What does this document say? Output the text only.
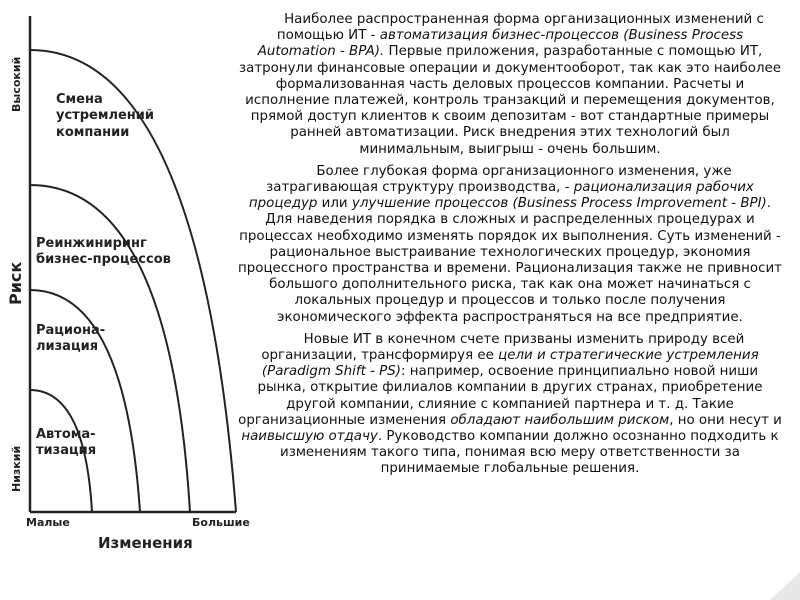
Высокий
Риск
Низкий
Малые	Большие
Изменения
Смена
устремлений
компании
Реинжиниринг
бизнес-процессов
Рациона-
лизация
Автома-
тизация

Наиболее распространенная форма организационных изменений с помощью ИТ - автоматизация бизнес-процессов (Business Process Automation - BPA). Первые приложения, разработанные с помощью ИТ, затронули финансовые операции и документооборот, так как это наиболее формализованная часть деловых процессов компании. Расчеты и исполнение платежей, контроль транзакций и перемещения документов, прямой доступ клиентов к своим депозитам - вот стандартные примеры ранней автоматизации. Риск внедрения этих технологий был минимальным, выигрыш - очень большим.

Более глубокая форма организационного изменения, уже затрагивающая структуру производства, - рационализация рабочих процедур или улучшение процессов (Business Process Improvement - BPI). Для наведения порядка в сложных и распределенных процедурах и процессах необходимо изменять порядок их выполнения. Суть изменений - рациональное выстраивание технологических процедур, экономия процессного пространства и времени. Рационализация также не привносит большого дополнительного риска, так как она может начинаться с локальных процедур и процессов и только после получения экономического эффекта распространяться на все предприятие.

Новые ИТ в конечном счете призваны изменить природу всей организации, трансформируя ее цели и стратегические устремления (Paradigm Shift - PS): например, освоение принципиально новой ниши рынка, открытие филиалов компании в других странах, приобретение другой компании, слияние с компанией партнера и т. д. Такие организационные изменения обладают наибольшим риском, но они несут и наивысшую отдачу. Руководство компании должно осознанно подходить к изменениям такого типа, понимая всю меру ответственности за принимаемые глобальные решения.
